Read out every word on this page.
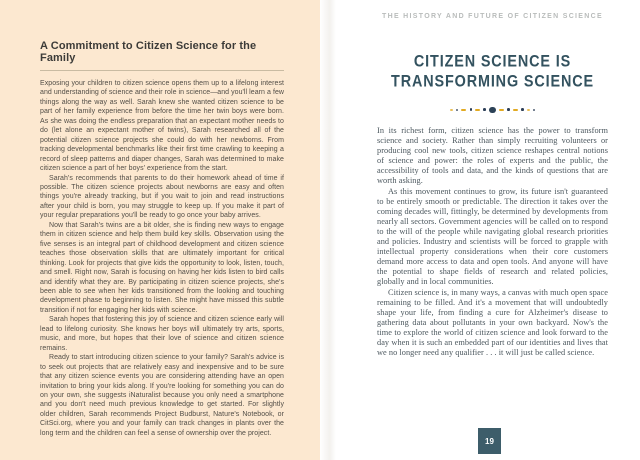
A Commitment to Citizen Science for the Family

Exposing your children to citizen science opens them up to a lifelong interest and understanding of science and their role in science—and you'll learn a few things along the way as well. Sarah knew she wanted citizen science to be part of her family experience from before the time her twin boys were born. As she was doing the endless preparation that an expectant mother needs to do (let alone an expectant mother of twins), Sarah researched all of the potential citizen science projects she could do with her newborns. From tracking developmental benchmarks like their first time crawling to keeping a record of sleep patterns and diaper changes, Sarah was determined to make citizen science a part of her boys' experience from the start.

Sarah's recommends that parents to do their homework ahead of time if possible. The citizen science projects about newborns are easy and often things you're already tracking, but if you wait to join and read instructions after your child is born, you may struggle to keep up. If you make it part of your regular preparations you'll be ready to go once your baby arrives.

Now that Sarah's twins are a bit older, she is finding new ways to engage them in citizen science and help them build key skills. Observation using the five senses is an integral part of childhood development and citizen science teaches those observation skills that are ultimately important for critical thinking. Look for projects that give kids the opportunity to look, listen, touch, and smell. Right now, Sarah is focusing on having her kids listen to bird calls and identify what they are. By participating in citizen science projects, she's been able to see when her kids transitioned from the looking and touching development phase to beginning to listen. She might have missed this subtle transition if not for engaging her kids with science.

Sarah hopes that fostering this joy of science and citizen science early will lead to lifelong curiosity. She knows her boys will ultimately try arts, sports, music, and more, but hopes that their love of science and citizen science remains.

Ready to start introducing citizen science to your family? Sarah's advice is to seek out projects that are relatively easy and inexpensive and to be sure that any citizen science events you are considering attending have an open invitation to bring your kids along. If you're looking for something you can do on your own, she suggests iNaturalist because you only need a smartphone and you don't need much previous knowledge to get started. For slightly older children, Sarah recommends Project Budburst, Nature's Notebook, or CitSci.org, where you and your family can track changes in plants over the long term and the children can feel a sense of ownership over the project.

THE HISTORY AND FUTURE OF CITIZEN SCIENCE
CITIZEN SCIENCE IS
TRANSFORMING SCIENCE

In its richest form, citizen science has the power to transform science and society. Rather than simply recruiting volunteers or producing cool new tools, citizen science reshapes central notions of science and power: the roles of experts and the public, the accessibility of tools and data, and the kinds of questions that are worth asking.

As this movement continues to grow, its future isn't guaranteed to be entirely smooth or predictable. The direction it takes over the coming decades will, fittingly, be determined by developments from nearly all sectors. Government agencies will be called on to respond to the will of the people while navigating global research priorities and policies. Industry and scientists will be forced to grapple with intellectual property considerations when their core customers demand more access to data and open tools. And anyone will have the potential to shape fields of research and related policies, globally and in local communities.

Citizen science is, in many ways, a canvas with much open space remaining to be filled. And it's a movement that will undoubtedly shape your life, from finding a cure for Alzheimer's disease to gathering data about pollutants in your own backyard. Now's the time to explore the world of citizen science and look forward to the day when it is such an embedded part of our identities and lives that we no longer need any qualifier . . . it will just be called science.

19
